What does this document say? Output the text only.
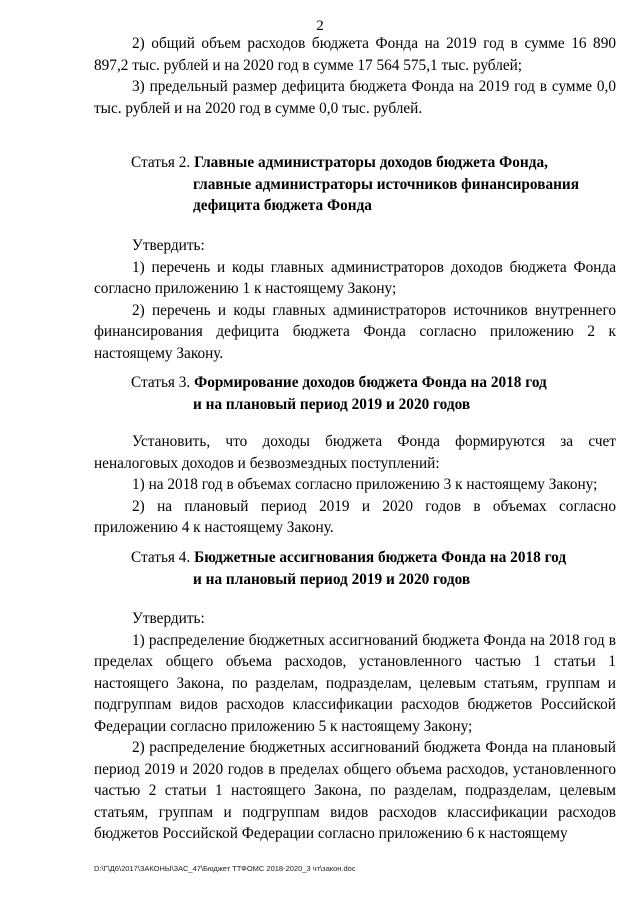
2

2) общий объем расходов бюджета Фонда на 2019 год в сумме 16 890 897,2 тыс. рублей и на 2020 год в сумме 17 564 575,1 тыс. рублей;

3) предельный размер дефицита бюджета Фонда на 2019 год в сумме 0,0 тыс. рублей и на 2020 год в сумме 0,0 тыс. рублей.

Статья 2. Главные администраторы доходов бюджета Фонда,
главные администраторы источников финансирования
дефицита бюджета Фонда

Утвердить:

1) перечень и коды главных администраторов доходов бюджета Фонда согласно приложению 1 к настоящему Закону;

2) перечень и коды главных администраторов источников внутреннего финансирования дефицита бюджета Фонда согласно приложению 2 к настоящему Закону.

Статья 3. Формирование доходов бюджета Фонда на 2018 год
и на плановый период 2019 и 2020 годов

Установить, что доходы бюджета Фонда формируются за счет неналоговых доходов и безвозмездных поступлений:

1) на 2018 год в объемах согласно приложению 3 к настоящему Закону;

2) на плановый период 2019 и 2020 годов в объемах согласно приложению 4 к настоящему Закону.

Статья 4. Бюджетные ассигнования бюджета Фонда на 2018 год
и на плановый период 2019 и 2020 годов

Утвердить:

1) распределение бюджетных ассигнований бюджета Фонда на 2018 год в пределах общего объема расходов, установленного частью 1 статьи 1 настоящего Закона, по разделам, подразделам, целевым статьям, группам и подгруппам видов расходов классификации расходов бюджетов Российской Федерации согласно приложению 5 к настоящему Закону;

2) распределение бюджетных ассигнований бюджета Фонда на плановый период 2019 и 2020 годов в пределах общего объема расходов, установленного частью 2 статьи 1 настоящего Закона, по разделам, подразделам, целевым статьям, группам и подгруппам видов расходов классификации расходов бюджетов Российской Федерации согласно приложению 6 к настоящему

D:\Г\Д6\2017\ЗАКОНЫ\ЗАС_47\Бюджет ТТФОМС 2018-2020_3 чт\закон.doc
